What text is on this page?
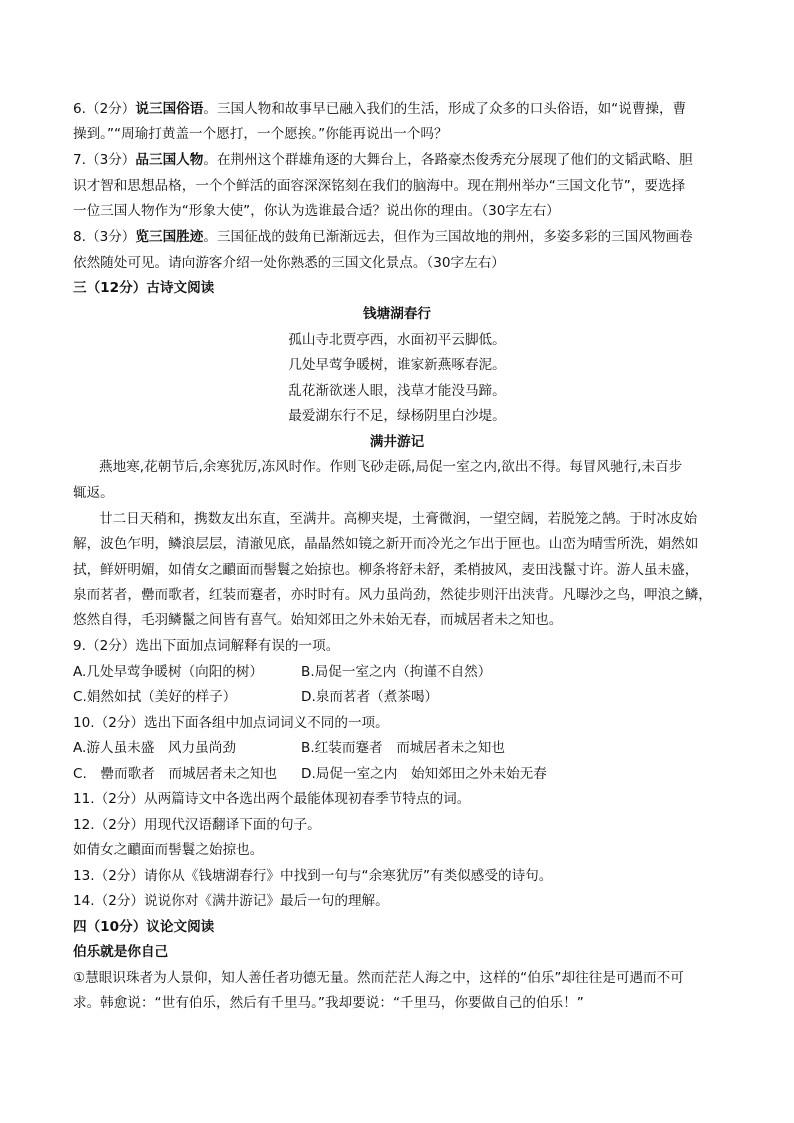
6.（2分）说三国俗语。三国人物和故事早已融入我们的生活，形成了众多的口头俗语，如“说曹操，曹
操到。”“周瑜打黄盖一个愿打，一个愿挨。”你能再说出一个吗？
7.（3分）品三国人物。在荆州这个群雄角逐的大舞台上，各路豪杰俊秀充分展现了他们的文韬武略、胆
识才智和思想品格，一个个鲜活的面容深深铭刻在我们的脑海中。现在荆州举办“三国文化节”，要选择
一位三国人物作为“形象大使”，你认为选谁最合适？说出你的理由。（30字左右）
8.（3分）览三国胜迹。三国征战的鼓角已渐渐远去，但作为三国故地的荆州，多姿多彩的三国风物画卷
依然随处可见。请向游客介绍一处你熟悉的三国文化景点。（30字左右）
三（12分）古诗文阅读
钱塘湖春行
孤山寺北贾亭西，水面初平云脚低。
几处早莺争暖树，谁家新燕啄春泥。
乱花渐欲迷人眼，浅草才能没马蹄。
最爱湖东行不足，绿杨阴里白沙堤。
满井游记
燕地寒,花朝节后,余寒犹厉,冻风时作。作则飞砂走砾,局促一室之内,欲出不得。每冒风驰行,未百步
辄返。
廿二日天稍和，携数友出东直，至满井。高柳夹堤，土膏微润，一望空阔，若脱笼之鹄。于时冰皮始
解，波色乍明，鳞浪层层，清澈见底，晶晶然如镜之新开而冷光之乍出于匣也。山峦为晴雪所洗，娟然如
拭，鲜妍明媚，如倩女之靧面而髻鬟之始掠也。柳条将舒未舒，柔梢披风，麦田浅鬣寸许。游人虽未盛，
泉而茗者，罍而歌者，红装而蹇者，亦时时有。风力虽尚劲，然徒步则汗出浃背。凡曝沙之鸟，呷浪之鳞，
悠然自得，毛羽鳞鬣之间皆有喜气。始知郊田之外未始无春，而城居者未之知也。
9.（2分）选出下面加点词解释有误的一项。
A.几处早莺争暖树（向阳的树）	B.局促一室之内（拘谨不自然）
C.娟然如拭（美好的样子）	D.泉而茗者（煮茶喝）
10.（2分）选出下面各组中加点词词义不同的一项。
A.游人虽未盛　风力虽尚劲	B.红装而蹇者　而城居者未之知也
C.　罍而歌者　而城居者未之知也 D.局促一室之内　始知郊田之外未始无春
11.（2分）从两篇诗文中各选出两个最能体现初春季节特点的词。
12.（2分）用现代汉语翻译下面的句子。
如倩女之靧面而髻鬟之始掠也。
13.（2分）请你从《钱塘湖春行》中找到一句与“余寒犹厉”有类似感受的诗句。
14.（2分）说说你对《满井游记》最后一句的理解。
四（10分）议论文阅读
伯乐就是你自己
①慧眼识珠者为人景仰，知人善任者功德无量。然而茫茫人海之中，这样的“伯乐”却往往是可遇而不可
求。韩愈说：“世有伯乐，然后有千里马。”我却要说：“千里马，你要做自己的伯乐！”
